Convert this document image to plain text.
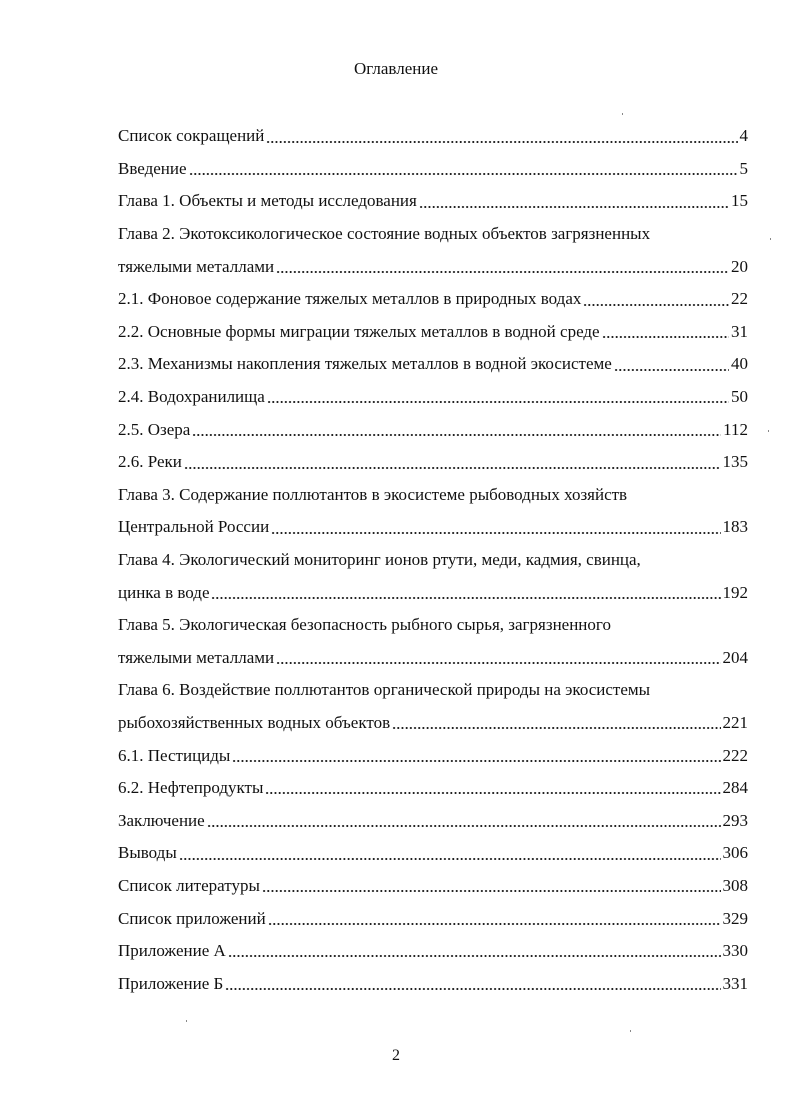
Оглавление
Список сокращений	4
Введение	5
Глава 1. Объекты и методы исследования	15
Глава 2. Экотоксикологическое состояние водных объектов загрязненных
тяжелыми металлами	20
2.1. Фоновое содержание тяжелых металлов в природных водах	22
2.2. Основные формы миграции тяжелых металлов в водной среде	31
2.3. Механизмы накопления тяжелых металлов в водной экосистеме	40
2.4. Водохранилища	50
2.5. Озера	112
2.6. Реки	135
Глава 3. Содержание поллютантов в экосистеме рыбоводных хозяйств
Центральной России	183
Глава 4. Экологический мониторинг ионов ртути, меди, кадмия, свинца,
цинка в воде	192
Глава 5. Экологическая безопасность рыбного сырья, загрязненного
тяжелыми металлами	204
Глава 6. Воздействие поллютантов органической природы на экосистемы
рыбохозяйственных водных объектов	221
6.1. Пестициды	222
6.2. Нефтепродукты	284
Заключение	293
Выводы	306
Список литературы	308
Список приложений	329
Приложение А	330
Приложение Б	331
2
